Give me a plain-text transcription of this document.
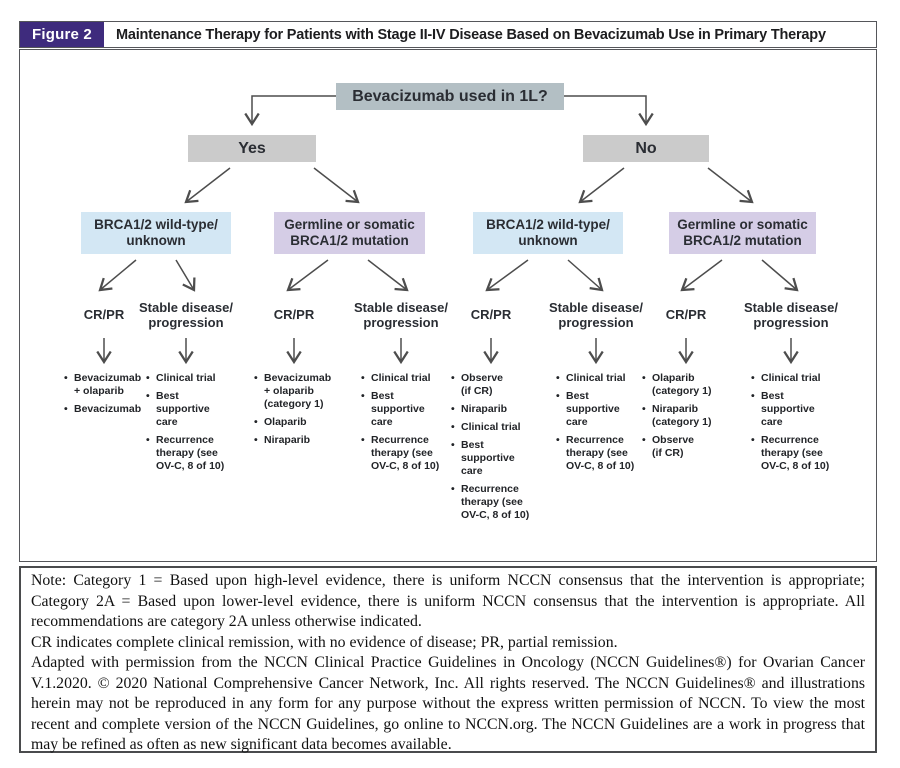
Figure 2	Maintenance Therapy for Patients with Stage II-IV Disease Based on Bevacizumab Use in Primary Therapy
Bevacizumab used in 1L?
Yes	No
BRCA1/2 wild-type/
unknown
Germline or somatic
BRCA1/2 mutation
BRCA1/2 wild-type/
unknown
Germline or somatic
BRCA1/2 mutation
CR/PR
Stable disease/
progression
CR/PR
Stable disease/
progression
CR/PR
Stable disease/
progression
CR/PR
Stable disease/
progression
• Bevacizumab
+ olaparib
• Bevacizumab
• Clinical trial
• Best
supportive
care
• Recurrence
therapy (see
OV-C, 8 of 10)
• Bevacizumab
+ olaparib
(category 1)
• Olaparib
• Niraparib
• Clinical trial
• Best
supportive
care
• Recurrence
therapy (see
OV-C, 8 of 10)
• Observe
(if CR)
• Niraparib
• Clinical trial
• Best
supportive
care
• Recurrence
therapy (see
OV-C, 8 of 10)
• Clinical trial
• Best
supportive
care
• Recurrence
therapy (see
OV-C, 8 of 10)
• Olaparib
(category 1)
• Niraparib
(category 1)
• Observe
(if CR)
• Clinical trial
• Best
supportive
care
• Recurrence
therapy (see
OV-C, 8 of 10)

Note: Category 1 = Based upon high-level evidence, there is uniform NCCN consensus that the intervention is appropriate; Category 2A = Based upon lower-level evidence, there is uniform NCCN consensus that the intervention is appropriate. All recommendations are category 2A unless otherwise indicated.

CR indicates complete clinical remission, with no evidence of disease; PR, partial remission.

Adapted with permission from the NCCN Clinical Practice Guidelines in Oncology (NCCN Guidelines®) for Ovarian Cancer V.1.2020. © 2020 National Comprehensive Cancer Network, Inc. All rights reserved. The NCCN Guidelines® and illustrations herein may not be reproduced in any form for any purpose without the express written permission of NCCN. To view the most recent and complete version of the NCCN Guidelines, go online to NCCN.org. The NCCN Guidelines are a work in progress that may be refined as often as new significant data becomes available.
